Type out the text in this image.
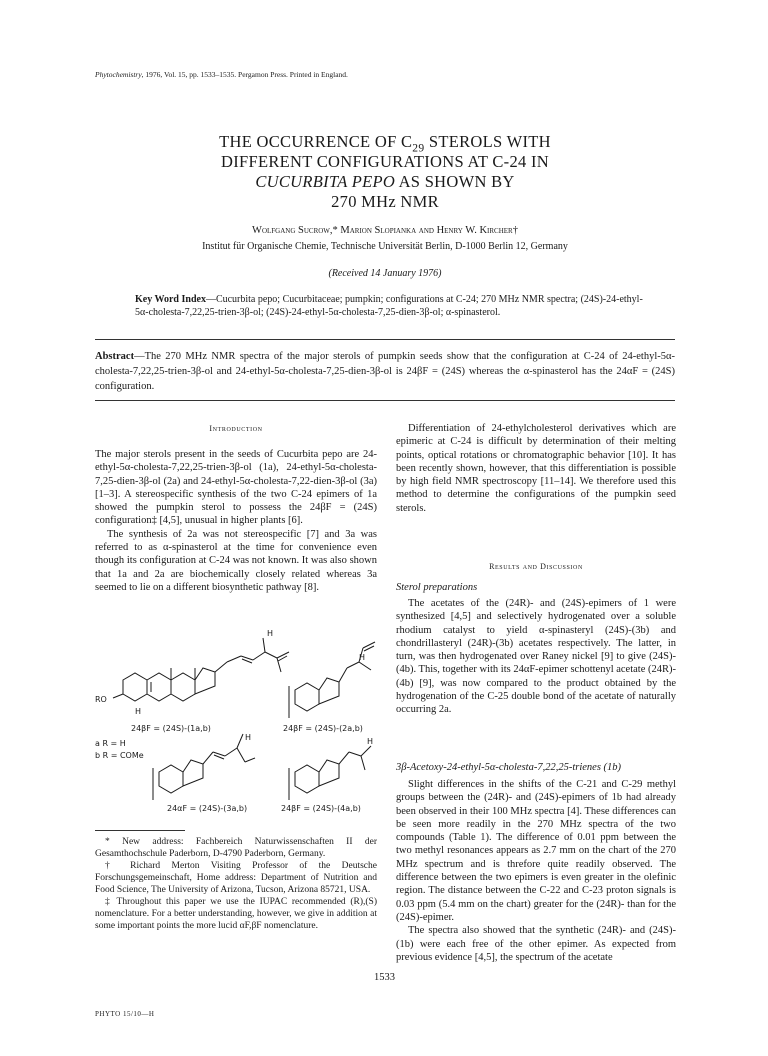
Phytochemistry, 1976, Vol. 15, pp. 1533–1535. Pergamon Press. Printed in England.
THE OCCURRENCE OF $C_{29}$ STEROLS WITH
DIFFERENT CONFIGURATIONS AT C-24 IN
CUCURBITA PEPO AS SHOWN BY
270 MHz NMR
Wolfgang Sucrow,* Marion Slopianka and Henry W. Kircher†
Institut für Organische Chemie, Technische Universität Berlin, D-1000 Berlin 12, Germany
(Received 14 January 1976)
Key Word Index—Cucurbita pepo; Cucurbitaceae; pumpkin; configurations at C-24; 270 MHz NMR spectra; (24S)-24-ethyl-5α-cholesta-7,22,25-trien-3β-ol; (24S)-24-ethyl-5α-cholesta-7,25-dien-3β-ol; α-spinasterol.
Abstract—The 270 MHz NMR spectra of the major sterols of pumpkin seeds show that the configuration at C-24 of 24-ethyl-5α-cholesta-7,22,25-trien-3β-ol and 24-ethyl-5α-cholesta-7,25-dien-3β-ol is 24βF = (24S) whereas the α-spinasterol has the 24αF = (24S) configuration.
Introduction

The major sterols present in the seeds of Cucurbita pepo are 24-ethyl-5α-cholesta-7,22,25-trien-3β-ol (1a), 24-ethyl-5α-cholesta-7,25-dien-3β-ol (2a) and 24-ethyl-5α-cholesta-7,22-dien-3β-ol (3a) [1–3]. A stereospecific synthesis of the two C-24 epimers of 1a showed the pumpkin sterol to possess the 24βF = (24S) configuration‡ [4,5], unusual in higher plants [6].

The synthesis of 2a was not stereospecific [7] and 3a was referred to as α-spinasterol at the time for convenience even though its configuration at C-24 was not known. It was also shown that 1a and 2a are biochemically closely related whereas 3a seemed to lie on a different biosynthetic pathway [8].

RO
H
H
H
H	H
24βF = (24S)-(1a,b)	24βF = (24S)-(2a,b)
a R = H
b R = COMe
24αF = (24S)-(3a,b)	24βF = (24S)-(4a,b)

* New address: Fachbereich Naturwissenschaften II der Gesamthochschule Paderborn, D-4790 Paderborn, Germany.

† Richard Merton Visiting Professor of the Deutsche Forschungsgemeinschaft, Home address: Department of Nutrition and Food Science, The University of Arizona, Tucson, Arizona 85721, USA.

‡ Throughout this paper we use the IUPAC recommended (R),(S) nomenclature. For a better understanding, however, we give in addition at some important points the more lucid αF,βF nomenclature.

Differentiation of 24-ethylcholesterol derivatives which are epimeric at C-24 is difficult by determination of their melting points, optical rotations or chromatographic behavior [10]. It has been recently shown, however, that this differentiation is possible by high field NMR spectroscopy [11–14]. We therefore used this method to determine the configurations of the pumpkin seed sterols.

Results and Discussion
Sterol preparations

The acetates of the (24R)- and (24S)-epimers of 1 were synthesized [4,5] and selectively hydrogenated over a soluble rhodium catalyst to yield α-spinasteryl (24S)-(3b) and chondrillasteryl (24R)-(3b) acetates respectively. The latter, in turn, was then hydrogenated over Raney nickel [9] to give (24S)-(4b). This, together with its 24αF-epimer schottenyl acetate (24R)-(4b) [9], was now compared to the product obtained by the hydrogenation of the C-25 double bond of the acetate of naturally occurring 2a.

3β-Acetoxy-24-ethyl-5α-cholesta-7,22,25-trienes (1b)

Slight differences in the shifts of the C-21 and C-29 methyl groups between the (24R)- and (24S)-epimers of 1b had already been observed in their 100 MHz spectra [4]. These differences can be seen more readily in the 270 MHz spectra of the two compounds (Table 1). The difference of 0.01 ppm between the two methyl resonances appears as 2.7 mm on the chart of the 270 MHz spectrum and is threfore quite readily observed. The difference between the two epimers is even greater in the olefinic region. The distance between the C-22 and C-23 proton signals is 0.03 ppm (5.4 mm on the chart) greater for the (24R)- than for the (24S)-epimer.

The spectra also showed that the synthetic (24R)- and (24S)-(1b) were each free of the other epimer. As expected from previous evidence [4,5], the spectrum of the acetate

1533
PHYTO 15/10—H
